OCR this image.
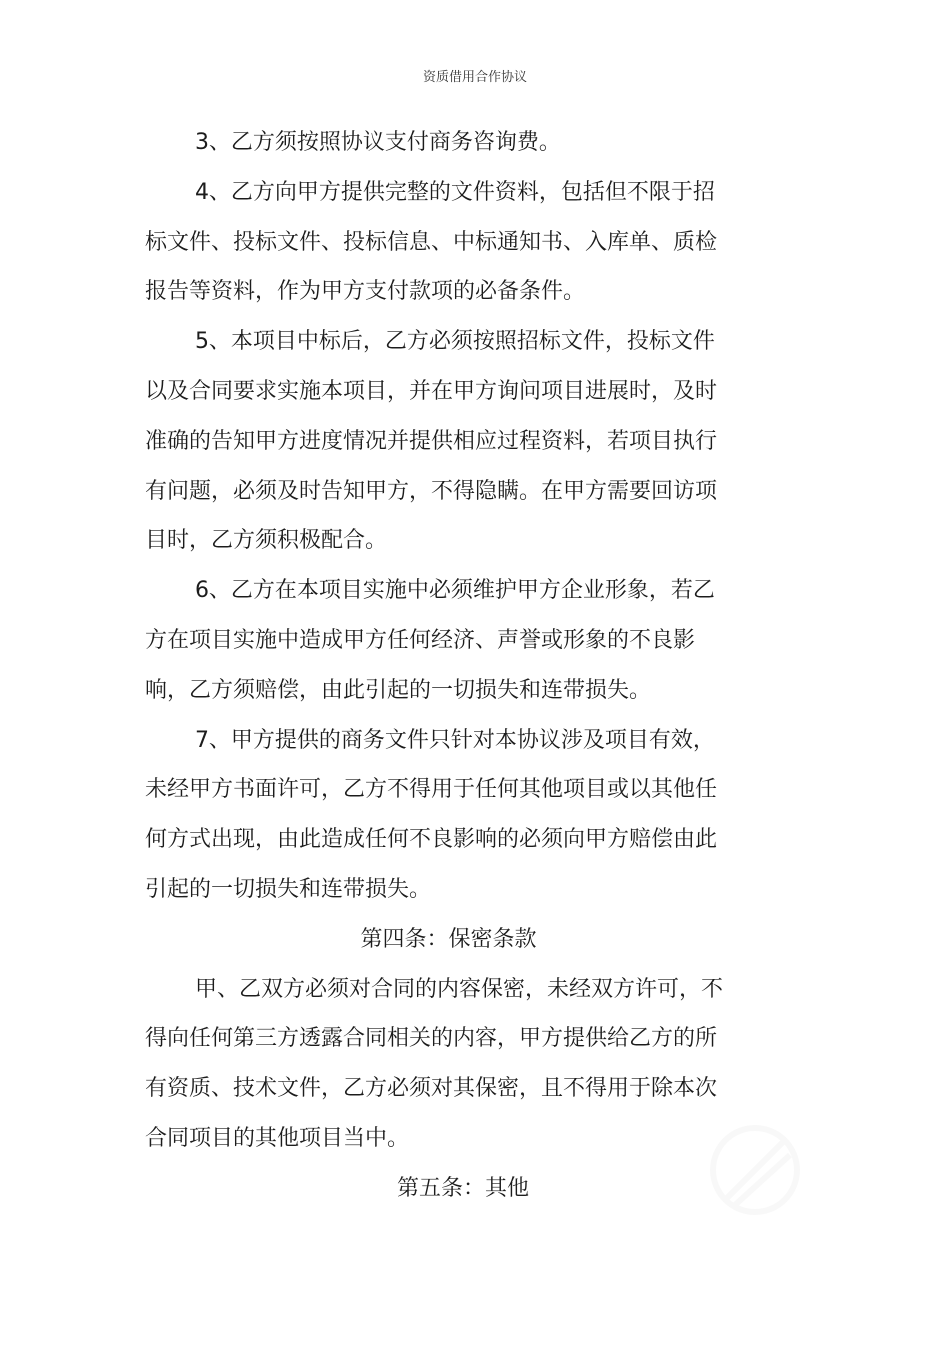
资质借用合作协议

3、乙方须按照协议支付商务咨询费。

4、乙方向甲方提供完整的文件资料，包括但不限于招
标文件、投标文件、投标信息、中标通知书、入库单、质检
报告等资料，作为甲方支付款项的必备条件。

5、本项目中标后，乙方必须按照招标文件，投标文件
以及合同要求实施本项目，并在甲方询问项目进展时，及时
准确的告知甲方进度情况并提供相应过程资料，若项目执行
有问题，必须及时告知甲方，不得隐瞒。在甲方需要回访项
目时，乙方须积极配合。

6、乙方在本项目实施中必须维护甲方企业形象，若乙
方在项目实施中造成甲方任何经济、声誉或形象的不良影
响，乙方须赔偿，由此引起的一切损失和连带损失。

7、甲方提供的商务文件只针对本协议涉及项目有效，
未经甲方书面许可，乙方不得用于任何其他项目或以其他任
何方式出现，由此造成任何不良影响的必须向甲方赔偿由此
引起的一切损失和连带损失。

第四条：保密条款

甲、乙双方必须对合同的内容保密，未经双方许可，不
得向任何第三方透露合同相关的内容，甲方提供给乙方的所
有资质、技术文件，乙方必须对其保密，且不得用于除本次
合同项目的其他项目当中。

第五条：其他
